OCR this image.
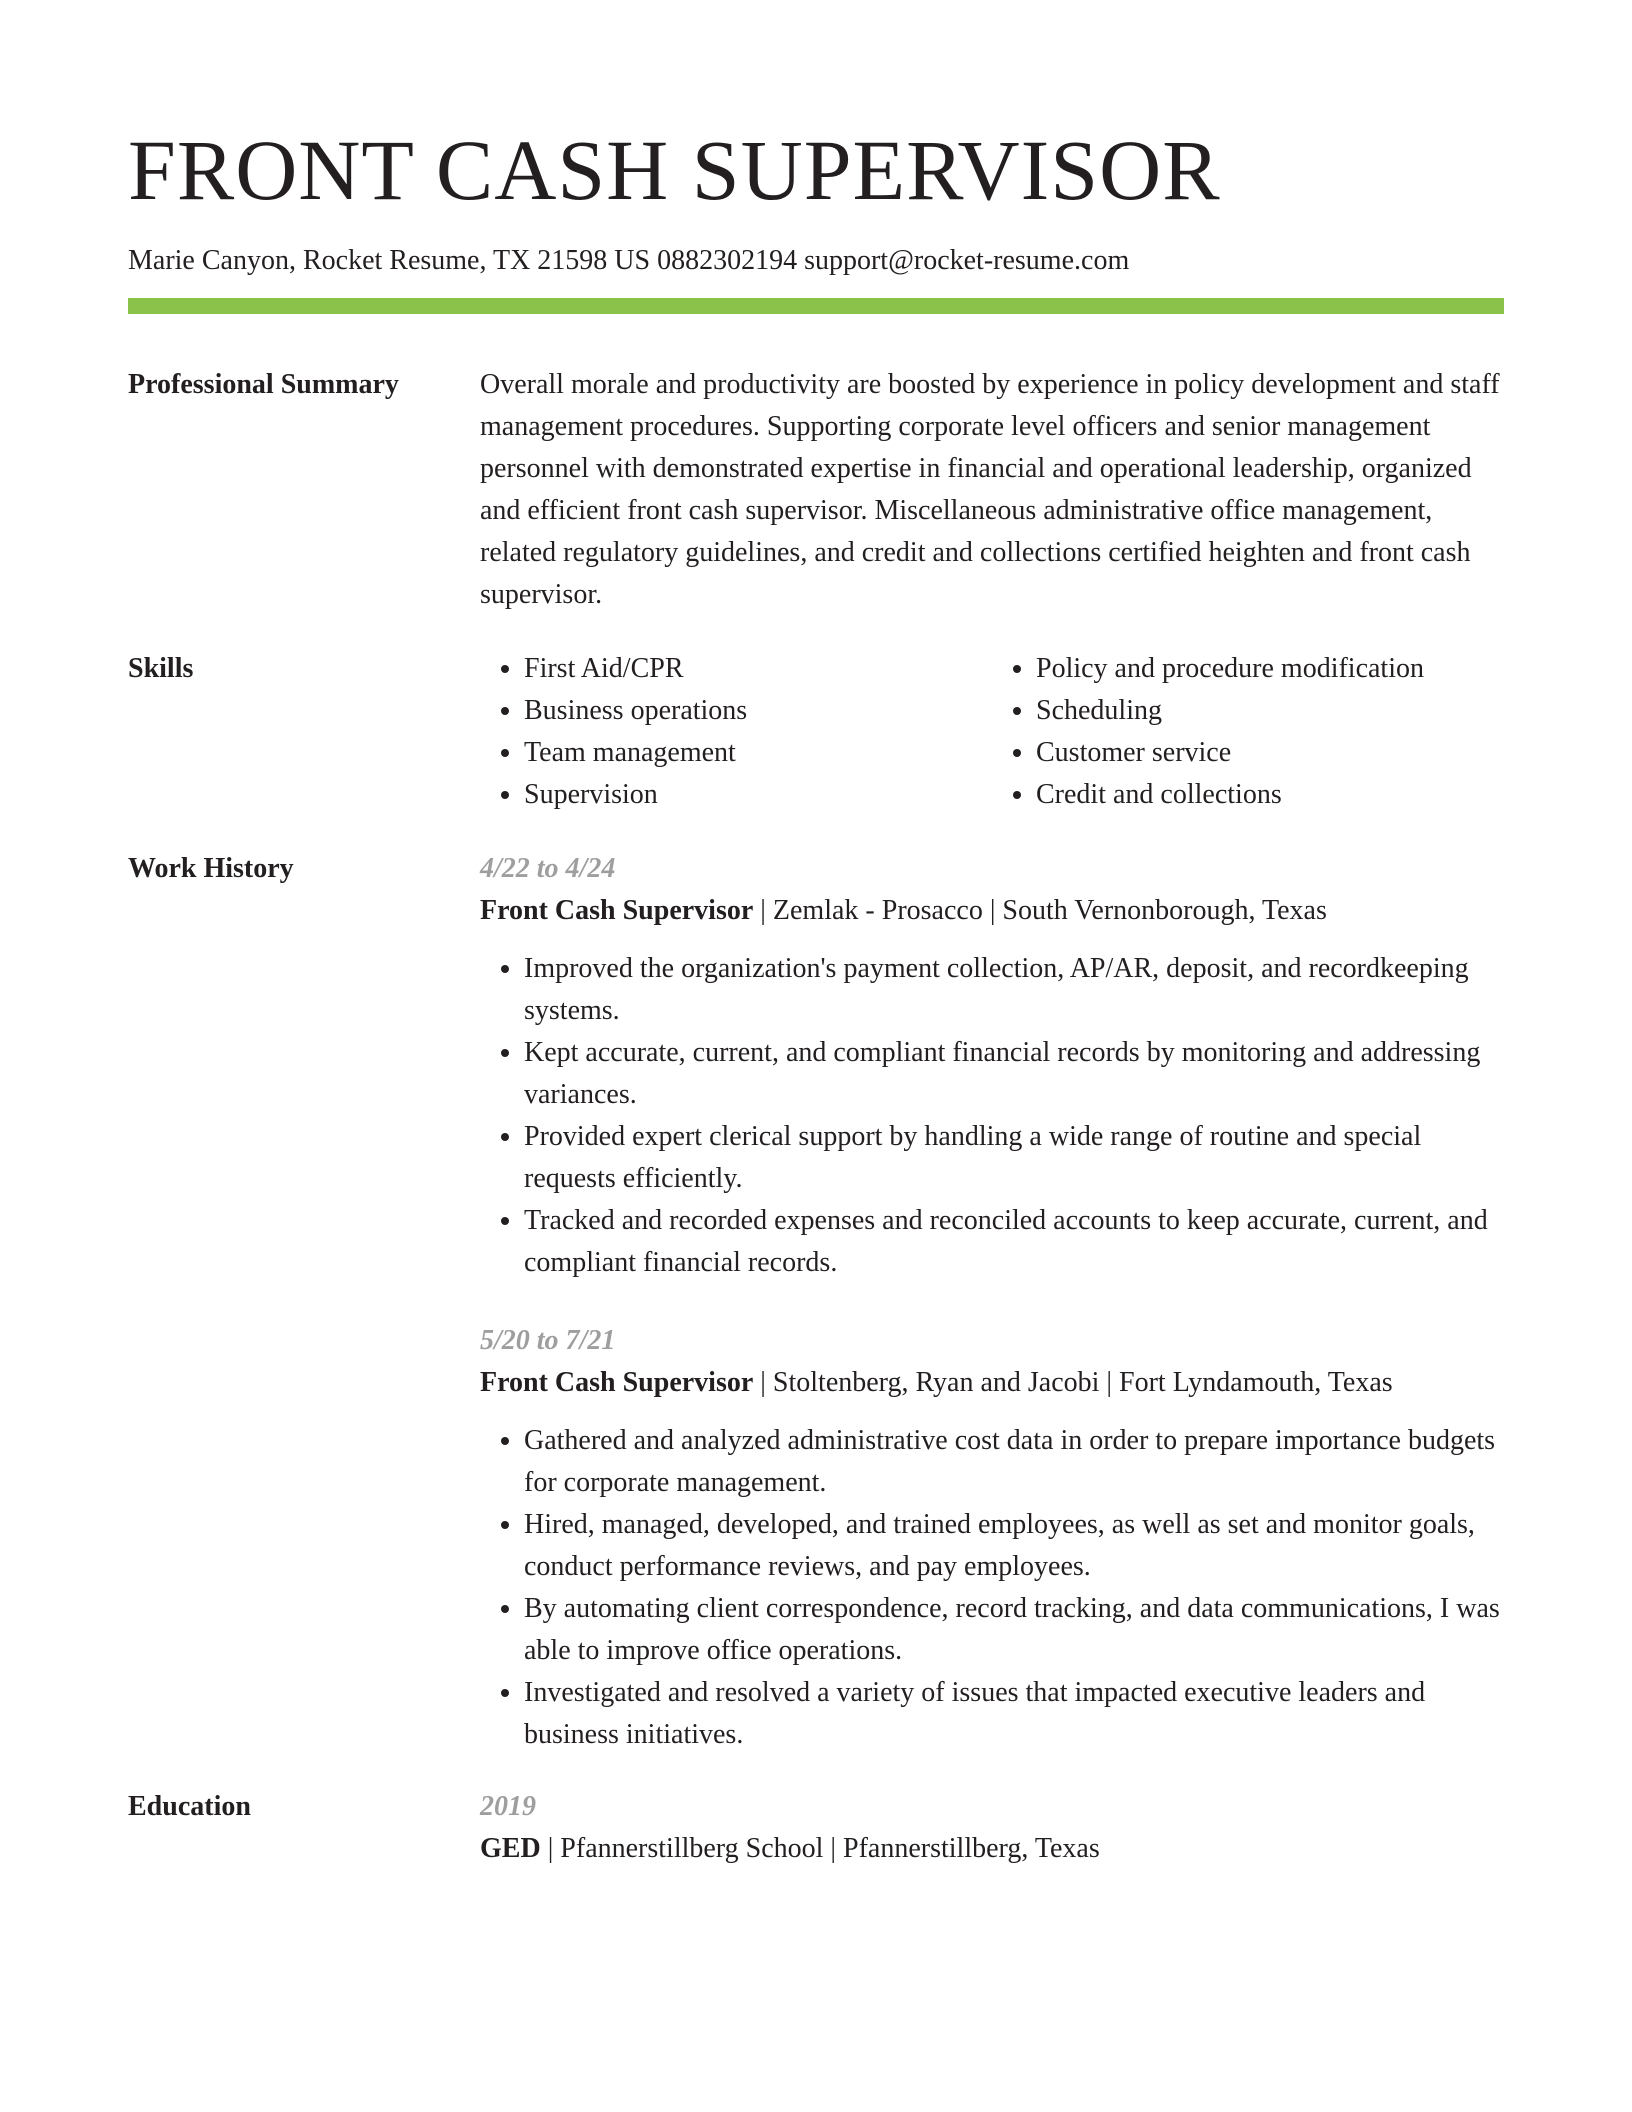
FRONT CASH SUPERVISOR
Marie Canyon, Rocket Resume, TX 21598 US 0882302194 support@rocket-resume.com
Professional Summary	Overall morale and productivity are boosted by experience in policy development and staff management procedures. Supporting corporate level officers and senior management personnel with demonstrated expertise in financial and operational leadership, organized and efficient front cash supervisor. Miscellaneous administrative office management, related regulatory guidelines, and credit and collections certified heighten and front cash supervisor.

Skills
•	First Aid/CPR
• Business operations
• Team management
• Supervision
• Policy and procedure modification
• Scheduling
• Customer service
• Credit and collections
Work History	4/22 to 4/24
Front Cash Supervisor | Zemlak - Prosacco | South Vernonborough, Texas
• Improved the organization's payment collection, AP/AR, deposit, and recordkeeping systems.
• Kept accurate, current, and compliant financial records by monitoring and addressing variances.
• Provided expert clerical support by handling a wide range of routine and special requests efficiently.
• Tracked and recorded expenses and reconciled accounts to keep accurate, current, and compliant financial records.
5/20 to 7/21
Front Cash Supervisor | Stoltenberg, Ryan and Jacobi | Fort Lyndamouth, Texas
• Gathered and analyzed administrative cost data in order to prepare importance budgets for corporate management.
• Hired, managed, developed, and trained employees, as well as set and monitor goals, conduct performance reviews, and pay employees.
• By automating client correspondence, record tracking, and data communications, I was able to improve office operations.
• Investigated and resolved a variety of issues that impacted executive leaders and business initiatives.
Education	2019
GED | Pfannerstillberg School | Pfannerstillberg, Texas
